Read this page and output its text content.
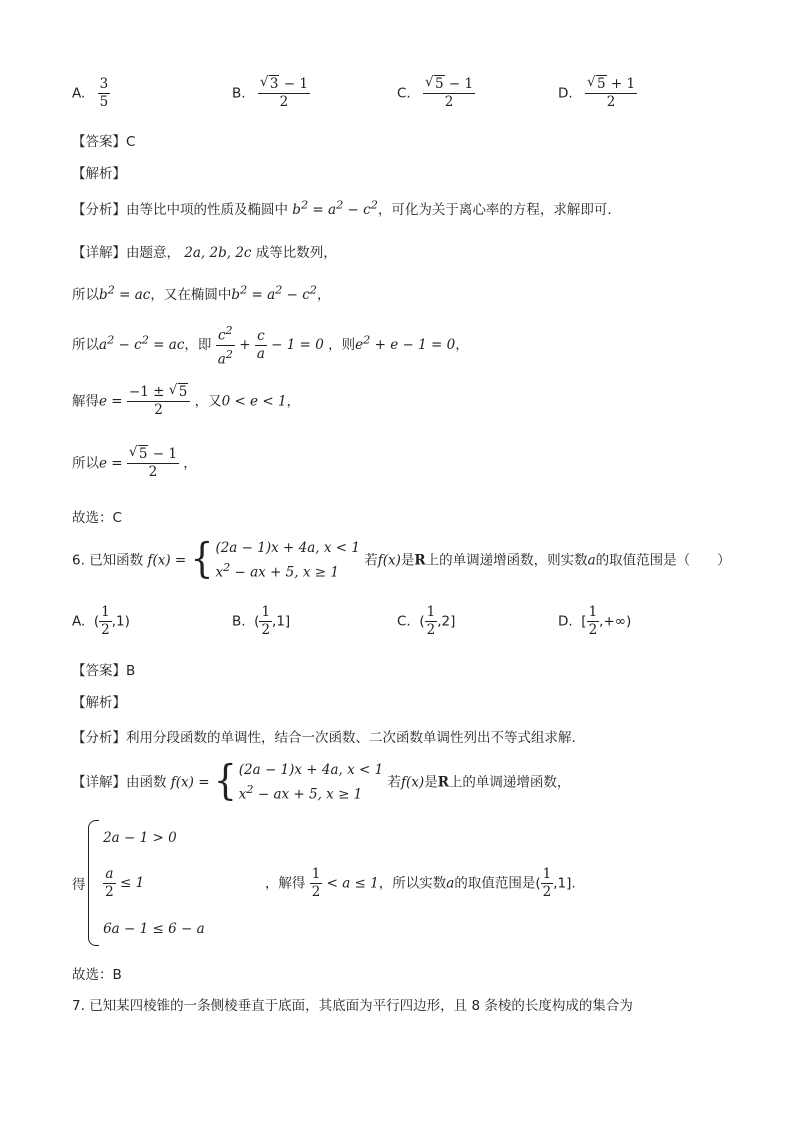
A. $\frac{3}{5}$	B. √ $\frac{3 - 1}{2}$	C. √ $\frac{5 - 1}{2}$	D. √ $\frac{5 + 1}{2}$
【答案】C
【解析】
【分析】由等比中项的性质及椭圆中 $b^2 = a^2 - c^2$，可化为关于离心率的方程，求解即可.
【详解】由题意， 2a, 2b, 2c 成等比数列，
所以$b^2$ = ac，又在椭圆中$b^2 = a^2 - c^2$，
所以$a^2 - c^2$ = ac，即 $\frac{c^2}{a^2} + \frac{c}{a} - 1 = 0$ ，则$e^2 + e - 1 = 0$，
解得$e = \frac{-1 \pm √ 5}{2}$ ，又0 < e < 1，
所以e = √ $\frac{5 - 1}{2}$ ，
故选：C
6. 已知函数 f(x) = { (2a − 1)x + 4a, x < 1
$x^2$ − ax + 5, x ≥ 1
若f(x)是R上的单调递增函数，则实数a的取值范围是（　　）
A. ( $\frac{1}{2} ,1$)	B. ( $\frac{1}{2} ,1$]	C. ( $\frac{1}{2} ,2$]	D. [ $\frac{1}{2}$ ,+∞)
【答案】B
【解析】
【分析】利用分段函数的单调性，结合一次函数、二次函数单调性列出不等式组求解.
【详解】由函数 f(x) = { (2a − 1)x + 4a, x < 1
$x^2$ − ax + 5, x ≥ 1
若f(x)是R上的单调递增函数，
得
2a − 1 > 0
$\frac{a}{2} \le 1$
6a − 1 ≤ 6 − a
，解得 $\frac{1}{2} < a \le 1$，所以实数a的取值范围是( $\frac{1}{2} ,1$].
故选：B
7. 已知某四棱锥的一条侧棱垂直于底面，其底面为平行四边形，且 8 条棱的长度构成的集合为
